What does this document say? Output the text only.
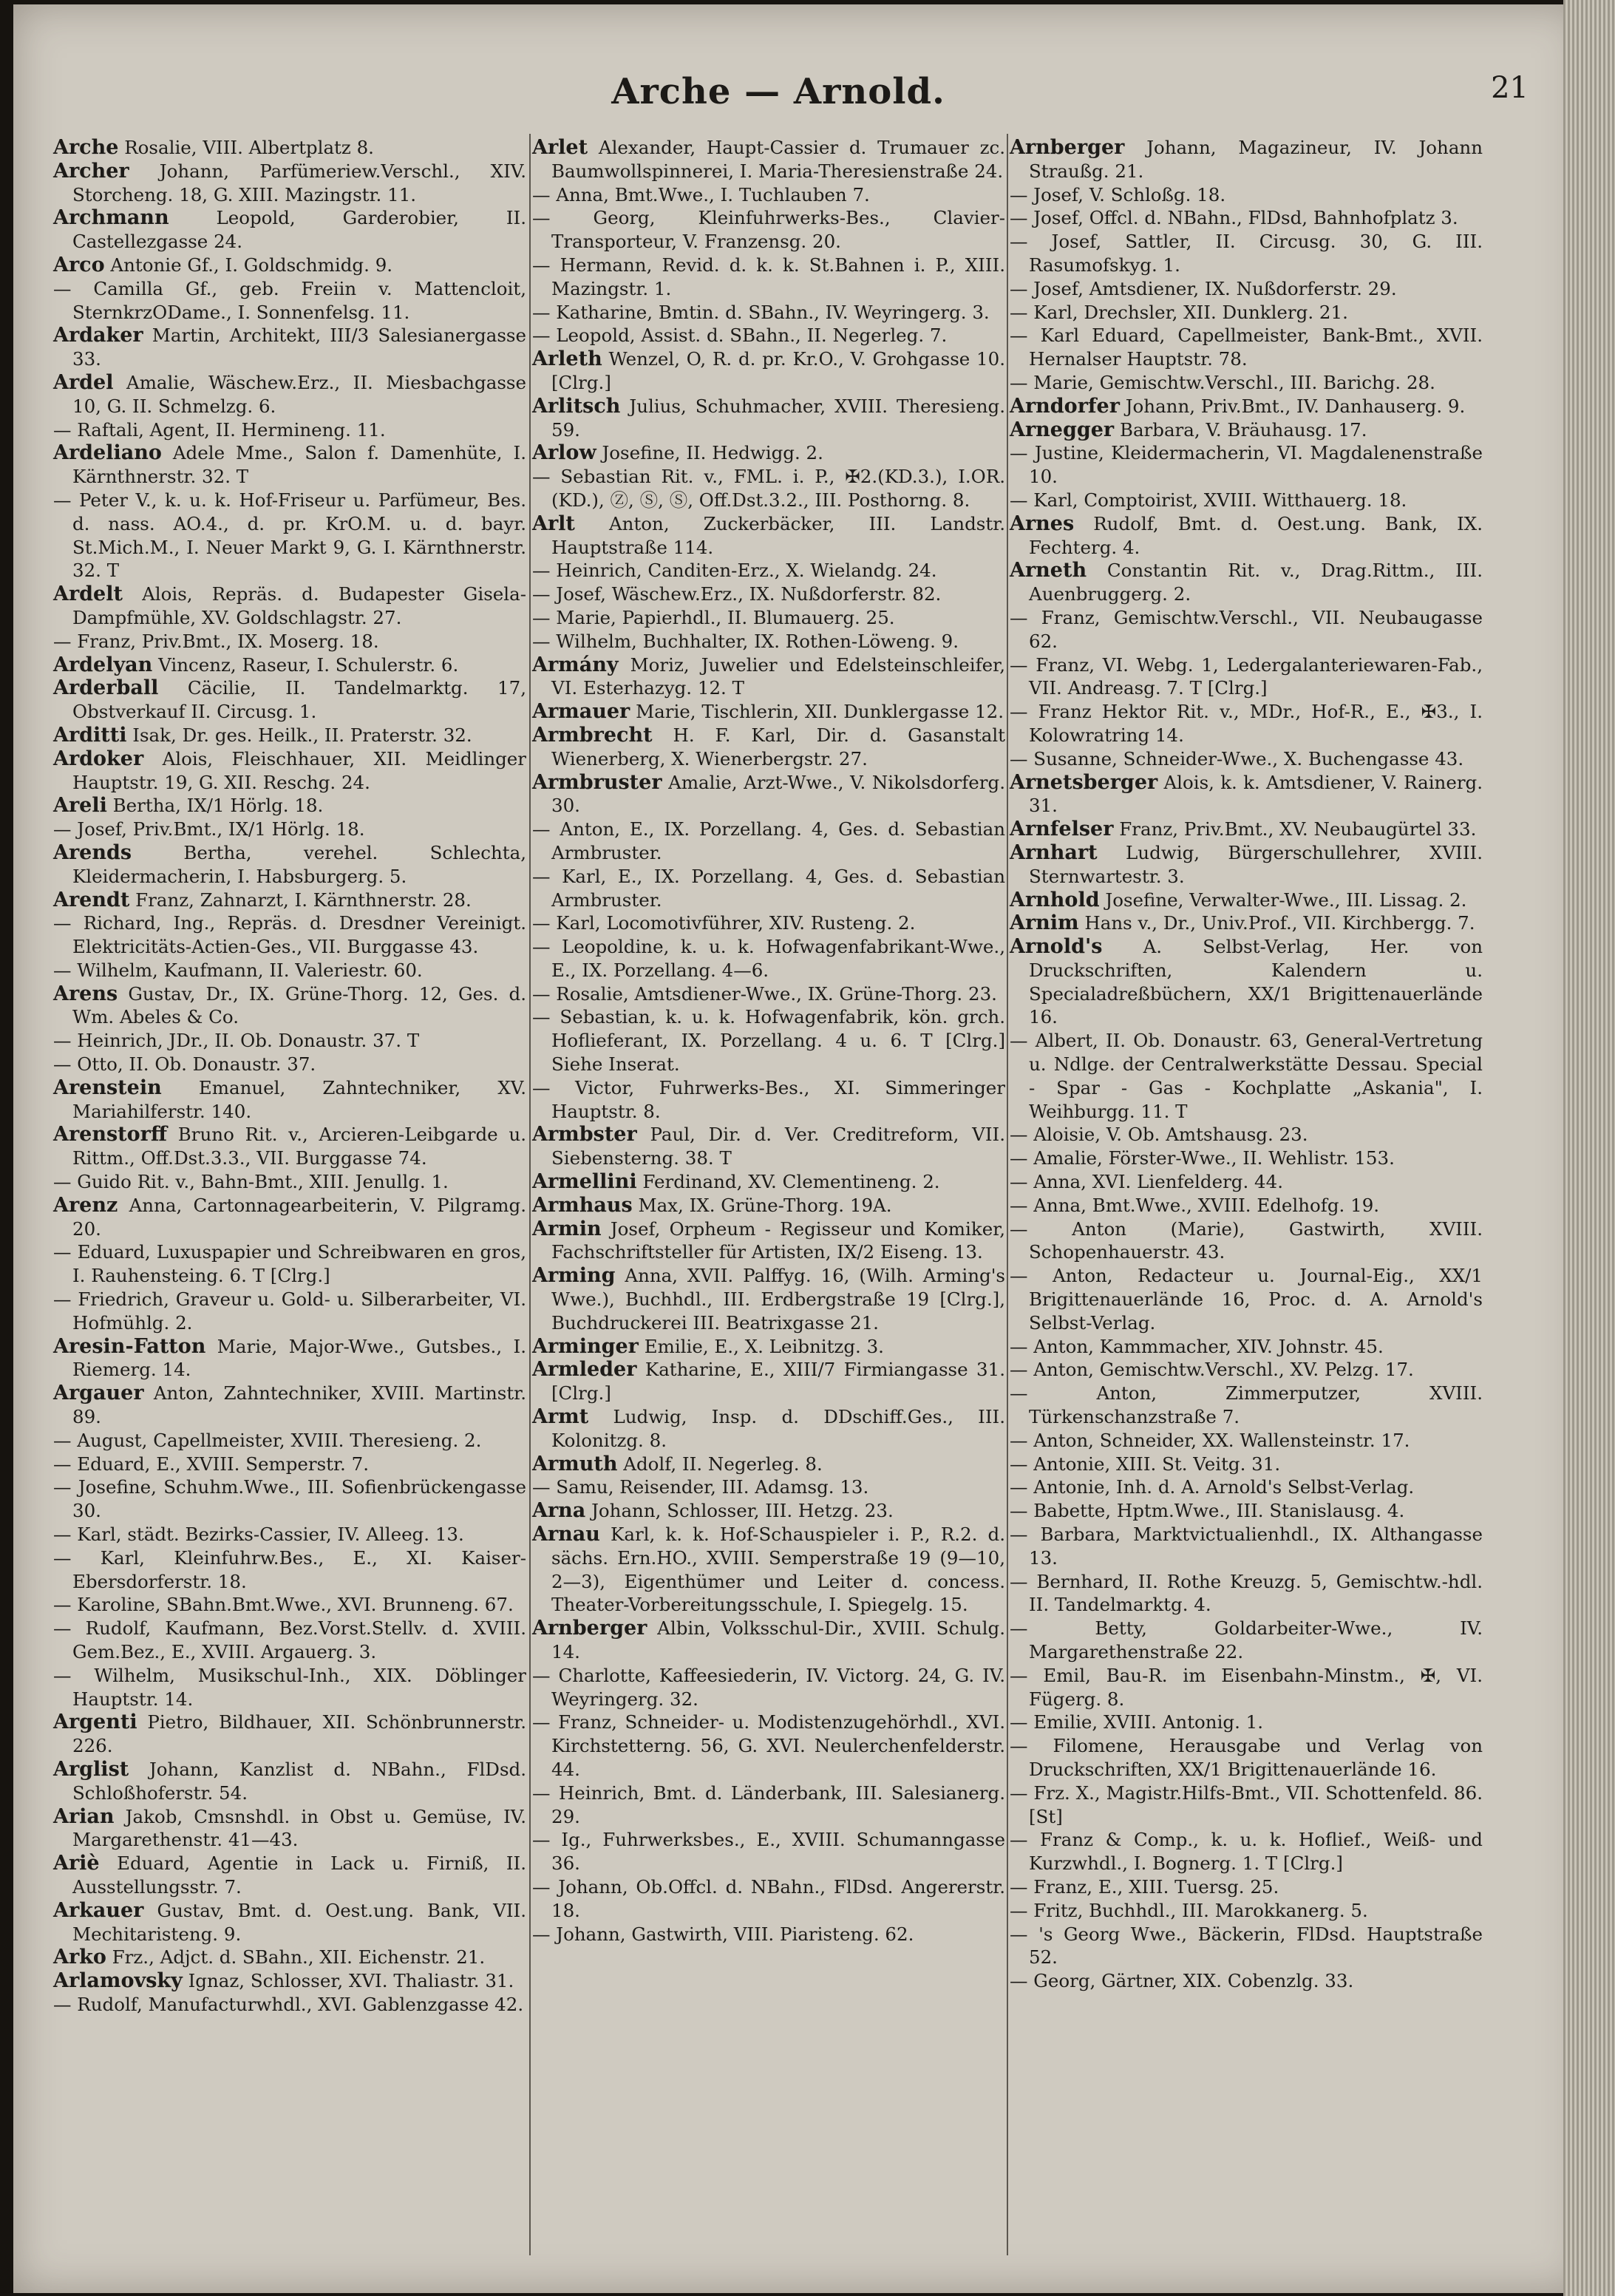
Arche — Arnold.	21

Arche Rosalie, VIII. Albertplatz 8.

Archer Johann, Parfümeriew.Verschl., XIV. Storcheng. 18, G. XIII. Mazingstr. 11.

Archmann Leopold, Garderobier, II. Castellezgasse 24.

Arco Antonie Gf., I. Goldschmidg. 9.

— Camilla Gf., geb. Freiin v. Mattencloit, SternkrzODame., I. Sonnenfelsg. 11.

Ardaker Martin, Architekt, III/3 Salesianergasse 33.

Ardel Amalie, Wäschew.Erz., II. Miesbachgasse 10, G. II. Schmelzg. 6.

— Raftali, Agent, II. Hermineng. 11.

Ardeliano Adele Mme., Salon f. Damenhüte, I. Kärnthnerstr. 32. T

— Peter V., k. u. k. Hof-Friseur u. Parfümeur, Bes. d. nass. AO.4., d. pr. KrO.M. u. d. bayr. St.Mich.M., I. Neuer Markt 9, G. I. Kärnthnerstr. 32. T

Ardelt Alois, Repräs. d. Budapester Gisela-Dampfmühle, XV. Goldschlagstr. 27.

— Franz, Priv.Bmt., IX. Moserg. 18.

Ardelyan Vincenz, Raseur, I. Schulerstr. 6.

Arderball Cäcilie, II. Tandelmarktg. 17, Obstverkauf II. Circusg. 1.

Arditti Isak, Dr. ges. Heilk., II. Praterstr. 32.

Ardoker Alois, Fleischhauer, XII. Meidlinger Hauptstr. 19, G. XII. Reschg. 24.

Areli Bertha, IX/1 Hörlg. 18.

— Josef, Priv.Bmt., IX/1 Hörlg. 18.

Arends Bertha, verehel. Schlechta, Kleidermacherin, I. Habsburgerg. 5.

Arendt Franz, Zahnarzt, I. Kärnthnerstr. 28.

— Richard, Ing., Repräs. d. Dresdner Vereinigt. Elektricitäts-Actien-Ges., VII. Burggasse 43.

— Wilhelm, Kaufmann, II. Valeriestr. 60.

Arens Gustav, Dr., IX. Grüne-Thorg. 12, Ges. d. Wm. Abeles & Co.

— Heinrich, JDr., II. Ob. Donaustr. 37. T

— Otto, II. Ob. Donaustr. 37.

Arenstein Emanuel, Zahntechniker, XV. Mariahilferstr. 140.

Arenstorff Bruno Rit. v., Arcieren-Leibgarde u. Rittm., Off.Dst.3.3., VII. Burggasse 74.

— Guido Rit. v., Bahn-Bmt., XIII. Jenullg. 1.

Arenz Anna, Cartonnagearbeiterin, V. Pilgramg. 20.

— Eduard, Luxuspapier und Schreibwaren en gros, I. Rauhensteing. 6. T [Clrg.]

— Friedrich, Graveur u. Gold- u. Silberarbeiter, VI. Hofmühlg. 2.

Aresin-Fatton Marie, Major-Wwe., Gutsbes., I. Riemerg. 14.

Argauer Anton, Zahntechniker, XVIII. Martinstr. 89.

— August, Capellmeister, XVIII. Theresieng. 2.

— Eduard, E., XVIII. Semperstr. 7.

— Josefine, Schuhm.Wwe., III. Sofienbrückengasse 30.

— Karl, städt. Bezirks-Cassier, IV. Alleeg. 13.

— Karl, Kleinfuhrw.Bes., E., XI. Kaiser-Ebersdorferstr. 18.

— Karoline, SBahn.Bmt.Wwe., XVI. Brunneng. 67.

— Rudolf, Kaufmann, Bez.Vorst.Stellv. d. XVIII. Gem.Bez., E., XVIII. Argauerg. 3.

— Wilhelm, Musikschul-Inh., XIX. Döblinger Hauptstr. 14.

Argenti Pietro, Bildhauer, XII. Schönbrunnerstr. 226.

Arglist Johann, Kanzlist d. NBahn., FlDsd. Schloßhoferstr. 54.

Arian Jakob, Cmsnshdl. in Obst u. Gemüse, IV. Margarethenstr. 41—43.

Ariè Eduard, Agentie in Lack u. Firniß, II. Ausstellungsstr. 7.

Arkauer Gustav, Bmt. d. Oest.ung. Bank, VII. Mechitaristeng. 9.

Arko Frz., Adjct. d. SBahn., XII. Eichenstr. 21.

Arlamovsky Ignaz, Schlosser, XVI. Thaliastr. 31.

— Rudolf, Manufacturwhdl., XVI. Gablenzgasse 42.

Arlet Alexander, Haupt-Cassier d. Trumauer zc. Baumwollspinnerei, I. Maria-Theresienstraße 24.

— Anna, Bmt.Wwe., I. Tuchlauben 7.

— Georg, Kleinfuhrwerks-Bes., Clavier-Transporteur, V. Franzensg. 20.

— Hermann, Revid. d. k. k. St.Bahnen i. P., XIII. Mazingstr. 1.

— Katharine, Bmtin. d. SBahn., IV. Weyringerg. 3.

— Leopold, Assist. d. SBahn., II. Negerleg. 7.

Arleth Wenzel, O, R. d. pr. Kr.O., V. Grohgasse 10. [Clrg.]

Arlitsch Julius, Schuhmacher, XVIII. Theresieng. 59.

Arlow Josefine, II. Hedwigg. 2.

— Sebastian Rit. v., FML. i. P., ✠2.(KD.3.), I.OR. (KD.), Ⓩ, Ⓢ, Ⓢ, Off.Dst.3.2., III. Posthorng. 8.

Arlt Anton, Zuckerbäcker, III. Landstr. Hauptstraße 114.

— Heinrich, Canditen-Erz., X. Wielandg. 24.

— Josef, Wäschew.Erz., IX. Nußdorferstr. 82.

— Marie, Papierhdl., II. Blumauerg. 25.

— Wilhelm, Buchhalter, IX. Rothen-Löweng. 9.

Armány Moriz, Juwelier und Edelsteinschleifer, VI. Esterhazyg. 12. T

Armauer Marie, Tischlerin, XII. Dunklergasse 12.

Armbrecht H. F. Karl, Dir. d. Gasanstalt Wienerberg, X. Wienerbergstr. 27.

Armbruster Amalie, Arzt-Wwe., V. Nikolsdorferg. 30.

— Anton, E., IX. Porzellang. 4, Ges. d. Sebastian Armbruster.

— Karl, E., IX. Porzellang. 4, Ges. d. Sebastian Armbruster.

— Karl, Locomotivführer, XIV. Rusteng. 2.

— Leopoldine, k. u. k. Hofwagenfabrikant-Wwe., E., IX. Porzellang. 4—6.

— Rosalie, Amtsdiener-Wwe., IX. Grüne-Thorg. 23.

— Sebastian, k. u. k. Hofwagenfabrik, kön. grch. Hoflieferant, IX. Porzellang. 4 u. 6. T [Clrg.] Siehe Inserat.

— Victor, Fuhrwerks-Bes., XI. Simmeringer Hauptstr. 8.

Armbster Paul, Dir. d. Ver. Creditreform, VII. Siebensterng. 38. T

Armellini Ferdinand, XV. Clementineng. 2.

Armhaus Max, IX. Grüne-Thorg. 19A.

Armin Josef, Orpheum - Regisseur und Komiker, Fachschriftsteller für Artisten, IX/2 Eiseng. 13.

Arming Anna, XVII. Palffyg. 16, (Wilh. Arming's Wwe.), Buchhdl., III. Erdbergstraße 19 [Clrg.], Buchdruckerei III. Beatrixgasse 21.

Arminger Emilie, E., X. Leibnitzg. 3.

Armleder Katharine, E., XIII/7 Firmiangasse 31. [Clrg.]

Armt Ludwig, Insp. d. DDschiff.Ges., III. Kolonitzg. 8.

Armuth Adolf, II. Negerleg. 8.

— Samu, Reisender, III. Adamsg. 13.

Arna Johann, Schlosser, III. Hetzg. 23.

Arnau Karl, k. k. Hof-Schauspieler i. P., R.2. d. sächs. Ern.HO., XVIII. Semperstraße 19 (9—10, 2—3), Eigenthümer und Leiter d. concess. Theater-Vorbereitungsschule, I. Spiegelg. 15.

Arnberger Albin, Volksschul-Dir., XVIII. Schulg. 14.

— Charlotte, Kaffeesiederin, IV. Victorg. 24, G. IV. Weyringerg. 32.

— Franz, Schneider- u. Modistenzugehörhdl., XVI. Kirchstetterng. 56, G. XVI. Neulerchenfelderstr. 44.

— Heinrich, Bmt. d. Länderbank, III. Salesianerg. 29.

— Ig., Fuhrwerksbes., E., XVIII. Schumanngasse 36.

— Johann, Ob.Offcl. d. NBahn., FlDsd. Angererstr. 18.

— Johann, Gastwirth, VIII. Piaristeng. 62.

Arnberger Johann, Magazineur, IV. Johann Straußg. 21.

— Josef, V. Schloßg. 18.

— Josef, Offcl. d. NBahn., FlDsd, Bahnhofplatz 3.

— Josef, Sattler, II. Circusg. 30, G. III. Rasumofskyg. 1.

— Josef, Amtsdiener, IX. Nußdorferstr. 29.

— Karl, Drechsler, XII. Dunklerg. 21.

— Karl Eduard, Capellmeister, Bank-Bmt., XVII. Hernalser Hauptstr. 78.

— Marie, Gemischtw.Verschl., III. Barichg. 28.

Arndorfer Johann, Priv.Bmt., IV. Danhauserg. 9.

Arnegger Barbara, V. Bräuhausg. 17.

— Justine, Kleidermacherin, VI. Magdalenenstraße 10.

— Karl, Comptoirist, XVIII. Witthauerg. 18.

Arnes Rudolf, Bmt. d. Oest.ung. Bank, IX. Fechterg. 4.

Arneth Constantin Rit. v., Drag.Rittm., III. Auenbruggerg. 2.

— Franz, Gemischtw.Verschl., VII. Neubaugasse 62.

— Franz, VI. Webg. 1, Ledergalanteriewaren-Fab., VII. Andreasg. 7. T [Clrg.]

— Franz Hektor Rit. v., MDr., Hof-R., E., ✠3., I. Kolowratring 14.

— Susanne, Schneider-Wwe., X. Buchengasse 43.

Arnetsberger Alois, k. k. Amtsdiener, V. Rainerg. 31.

Arnfelser Franz, Priv.Bmt., XV. Neubaugürtel 33.

Arnhart Ludwig, Bürgerschullehrer, XVIII. Sternwartestr. 3.

Arnhold Josefine, Verwalter-Wwe., III. Lissag. 2.

Arnim Hans v., Dr., Univ.Prof., VII. Kirchbergg. 7.

Arnold's A. Selbst-Verlag, Her. von Druckschriften, Kalendern u. Specialadreßbüchern, XX/1 Brigittenauerlände 16.

— Albert, II. Ob. Donaustr. 63, General-Vertretung u. Ndlge. der Centralwerkstätte Dessau. Special - Spar - Gas - Kochplatte „Askania", I. Weihburgg. 11. T

— Aloisie, V. Ob. Amtshausg. 23.

— Amalie, Förster-Wwe., II. Wehlistr. 153.

— Anna, XVI. Lienfelderg. 44.

— Anna, Bmt.Wwe., XVIII. Edelhofg. 19.

— Anton (Marie), Gastwirth, XVIII. Schopenhauerstr. 43.

— Anton, Redacteur u. Journal-Eig., XX/1 Brigittenauerlände 16, Proc. d. A. Arnold's Selbst-Verlag.

— Anton, Kammmacher, XIV. Johnstr. 45.

— Anton, Gemischtw.Verschl., XV. Pelzg. 17.

— Anton, Zimmerputzer, XVIII. Türkenschanzstraße 7.

— Anton, Schneider, XX. Wallensteinstr. 17.

— Antonie, XIII. St. Veitg. 31.

— Antonie, Inh. d. A. Arnold's Selbst-Verlag.

— Babette, Hptm.Wwe., III. Stanislausg. 4.

— Barbara, Marktvictualienhdl., IX. Althangasse 13.

— Bernhard, II. Rothe Kreuzg. 5, Gemischtw.-hdl. II. Tandelmarktg. 4.

— Betty, Goldarbeiter-Wwe., IV. Margarethenstraße 22.

— Emil, Bau-R. im Eisenbahn-Minstm., ✠, VI. Fügerg. 8.

— Emilie, XVIII. Antonig. 1.

— Filomene, Herausgabe und Verlag von Druckschriften, XX/1 Brigittenauerlände 16.

— Frz. X., Magistr.Hilfs-Bmt., VII. Schottenfeld. 86. [St]

— Franz & Comp., k. u. k. Hoflief., Weiß- und Kurzwhdl., I. Bognerg. 1. T [Clrg.]

— Franz, E., XIII. Tuersg. 25.

— Fritz, Buchhdl., III. Marokkanerg. 5.

— 's Georg Wwe., Bäckerin, FlDsd. Hauptstraße 52.

— Georg, Gärtner, XIX. Cobenzlg. 33.
